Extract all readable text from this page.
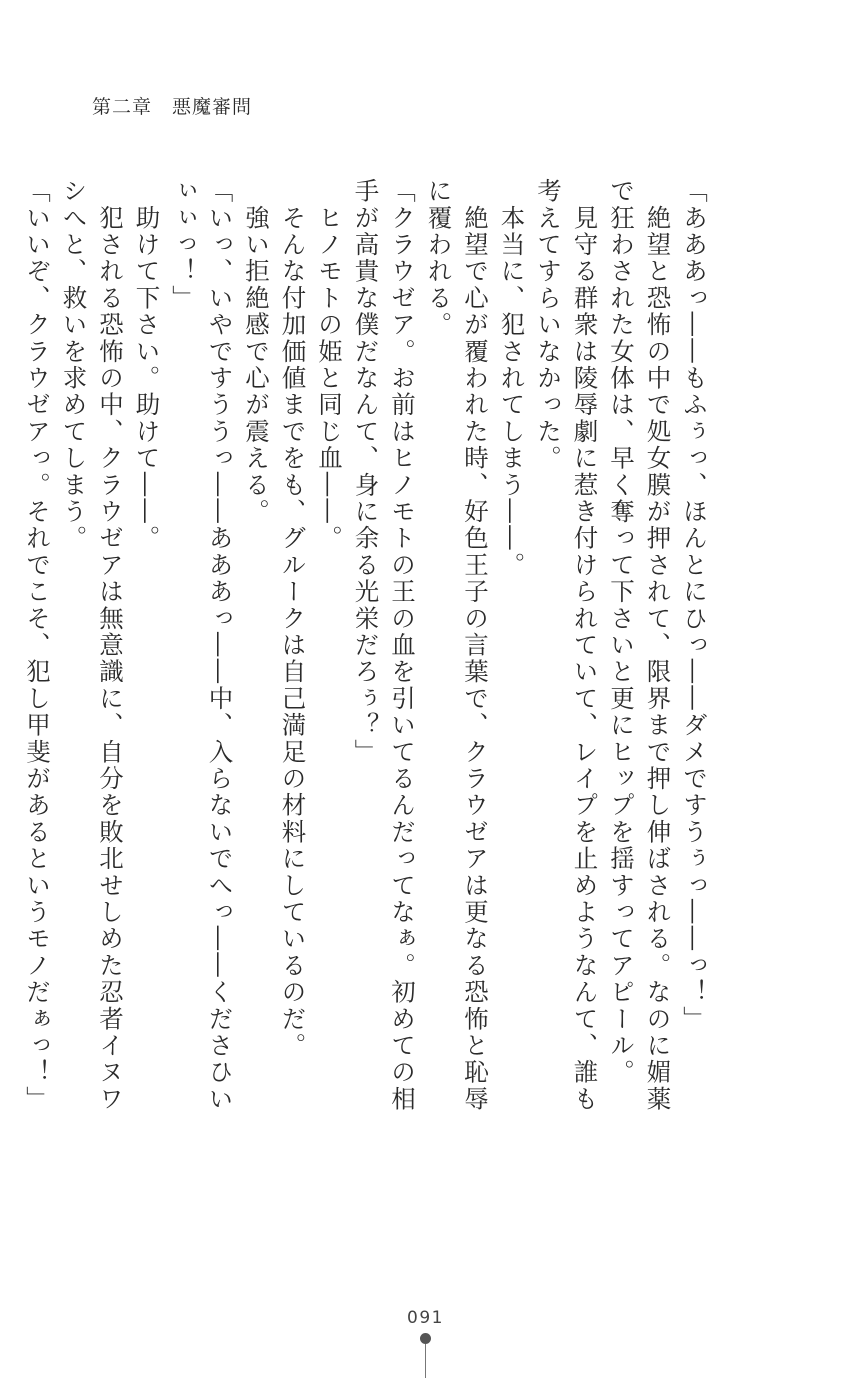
第二章　悪魔審問

「あああっ――もふぅっ、ほんとにひっ――ダメですうぅっ――っ！」

　絶望と恐怖の中で処女膜が押されて、限界まで押し伸ばされる。なのに媚薬で狂わされた女体は、早く奪って下さいと更にヒップを揺すってアピール。

　見守る群衆は陵辱劇に惹き付けられていて、レイプを止めようなんて、誰も考えてすらいなかった。

　本当に、犯されてしまう――。

　絶望で心が覆われた時、好色王子の言葉で、クラウゼアは更なる恐怖と恥辱に覆われる。

「クラウゼア。お前はヒノモトの王の血を引いてるんだってなぁ。初めての相手が高貴な僕だなんて、身に余る光栄だろぅ？」

　ヒノモトの姫と同じ血――。

　そんな付加価値までをも、グルークは自己満足の材料にしているのだ。

　強い拒絶感で心が震える。

「いっ、いやですううっ――あああっ――中、入らないでへっ――くださひいぃぃっ！」

　助けて下さい。助けて――。

　犯される恐怖の中、クラウゼアは無意識に、自分を敗北せしめた忍者イヌワシへと、救いを求めてしまう。

「いいぞ、クラウゼアっ。それでこそ、犯し甲斐があるというモノだぁっ！」

091
